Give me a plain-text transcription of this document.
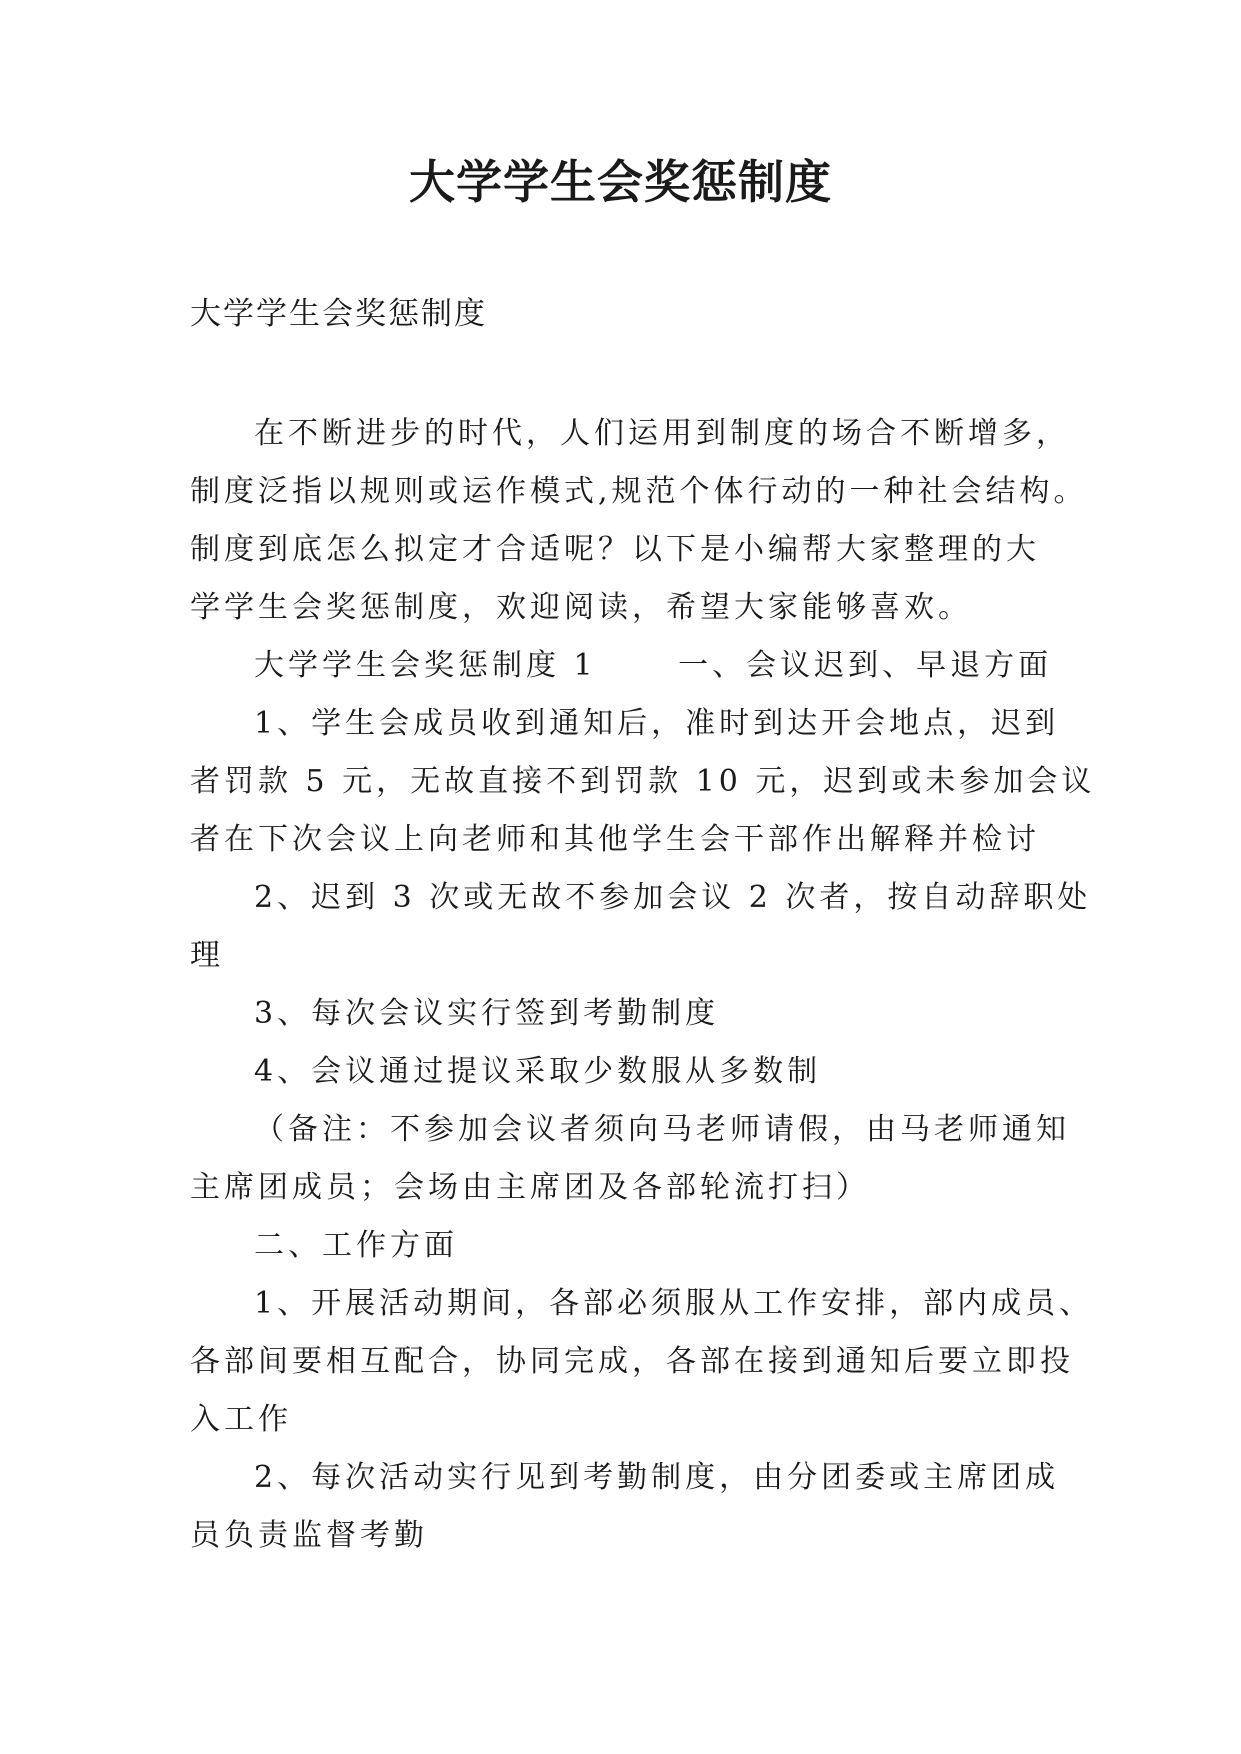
大学学生会奖惩制度

大学学生会奖惩制度

在不断进步的时代，人们运用到制度的场合不断增多，
制度泛指以规则或运作模式,规范个体行动的一种社会结构。
制度到底怎么拟定才合适呢？以下是小编帮大家整理的大
学学生会奖惩制度，欢迎阅读，希望大家能够喜欢。

大学学生会奖惩制度 1　　 一、会议迟到、早退方面

1、学生会成员收到通知后，准时到达开会地点，迟到
者罚款 5 元，无故直接不到罚款 10 元，迟到或未参加会议
者在下次会议上向老师和其他学生会干部作出解释并检讨

2、迟到 3 次或无故不参加会议 2 次者，按自动辞职处
理

3、每次会议实行签到考勤制度

4、会议通过提议采取少数服从多数制

（备注：不参加会议者须向马老师请假，由马老师通知
主席团成员；会场由主席团及各部轮流打扫）

二、工作方面

1、开展活动期间，各部必须服从工作安排，部内成员、
各部间要相互配合，协同完成，各部在接到通知后要立即投
入工作

2、每次活动实行见到考勤制度，由分团委或主席团成
员负责监督考勤
